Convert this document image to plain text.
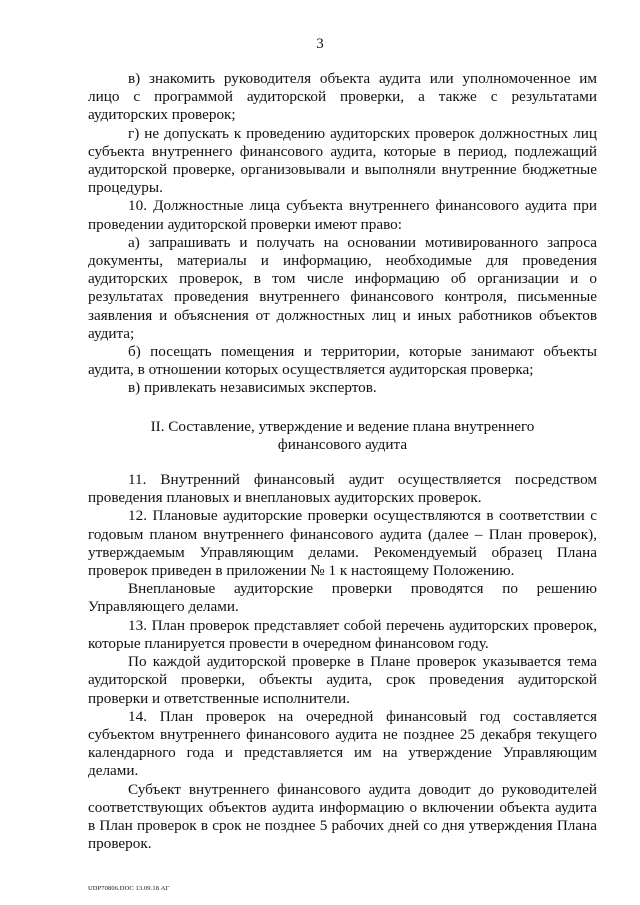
3

в) знакомить руководителя объекта аудита или уполномоченное им лицо с программой аудиторской проверки, а также с результатами аудиторских проверок;

г) не допускать к проведению аудиторских проверок должностных лиц субъекта внутреннего финансового аудита, которые в период, подлежащий аудиторской проверке, организовывали и выполняли внутренние бюджетные процедуры.

10. Должностные лица субъекта внутреннего финансового аудита при проведении аудиторской проверки имеют право:

а) запрашивать и получать на основании мотивированного запроса документы, материалы и информацию, необходимые для проведения аудиторских проверок, в том числе информацию об организации и о результатах проведения внутреннего финансового контроля, письменные заявления и объяснения от должностных лиц и иных работников объектов аудита;

б) посещать помещения и территории, которые занимают объекты аудита, в отношении которых осуществляется аудиторская проверка;

в) привлекать независимых экспертов.

II. Составление, утверждение и ведение плана внутреннего
финансового аудита

11. Внутренний финансовый аудит осуществляется посредством проведения плановых и внеплановых аудиторских проверок.

12. Плановые аудиторские проверки осуществляются в соответствии с годовым планом внутреннего финансового аудита (далее – План проверок), утверждаемым Управляющим делами. Рекомендуемый образец Плана проверок приведен в приложении № 1 к настоящему Положению.

Внеплановые аудиторские проверки проводятся по решению Управляющего делами.

13. План проверок представляет собой перечень аудиторских проверок, которые планируется провести в очередном финансовом году.

По каждой аудиторской проверке в Плане проверок указывается тема аудиторской проверки, объекты аудита, срок проведения аудиторской проверки и ответственные исполнители.

14. План проверок на очередной финансовый год составляется субъектом внутреннего финансового аудита не позднее 25 декабря текущего календарного года и представляется им на утверждение Управляющим делами.

Субъект внутреннего финансового аудита доводит до руководителей соответствующих объектов аудита информацию о включении объекта аудита в План проверок в срок не позднее 5 рабочих дней со дня утверждения Плана проверок.

UDP70806.DOC 13.09.18 АГ
